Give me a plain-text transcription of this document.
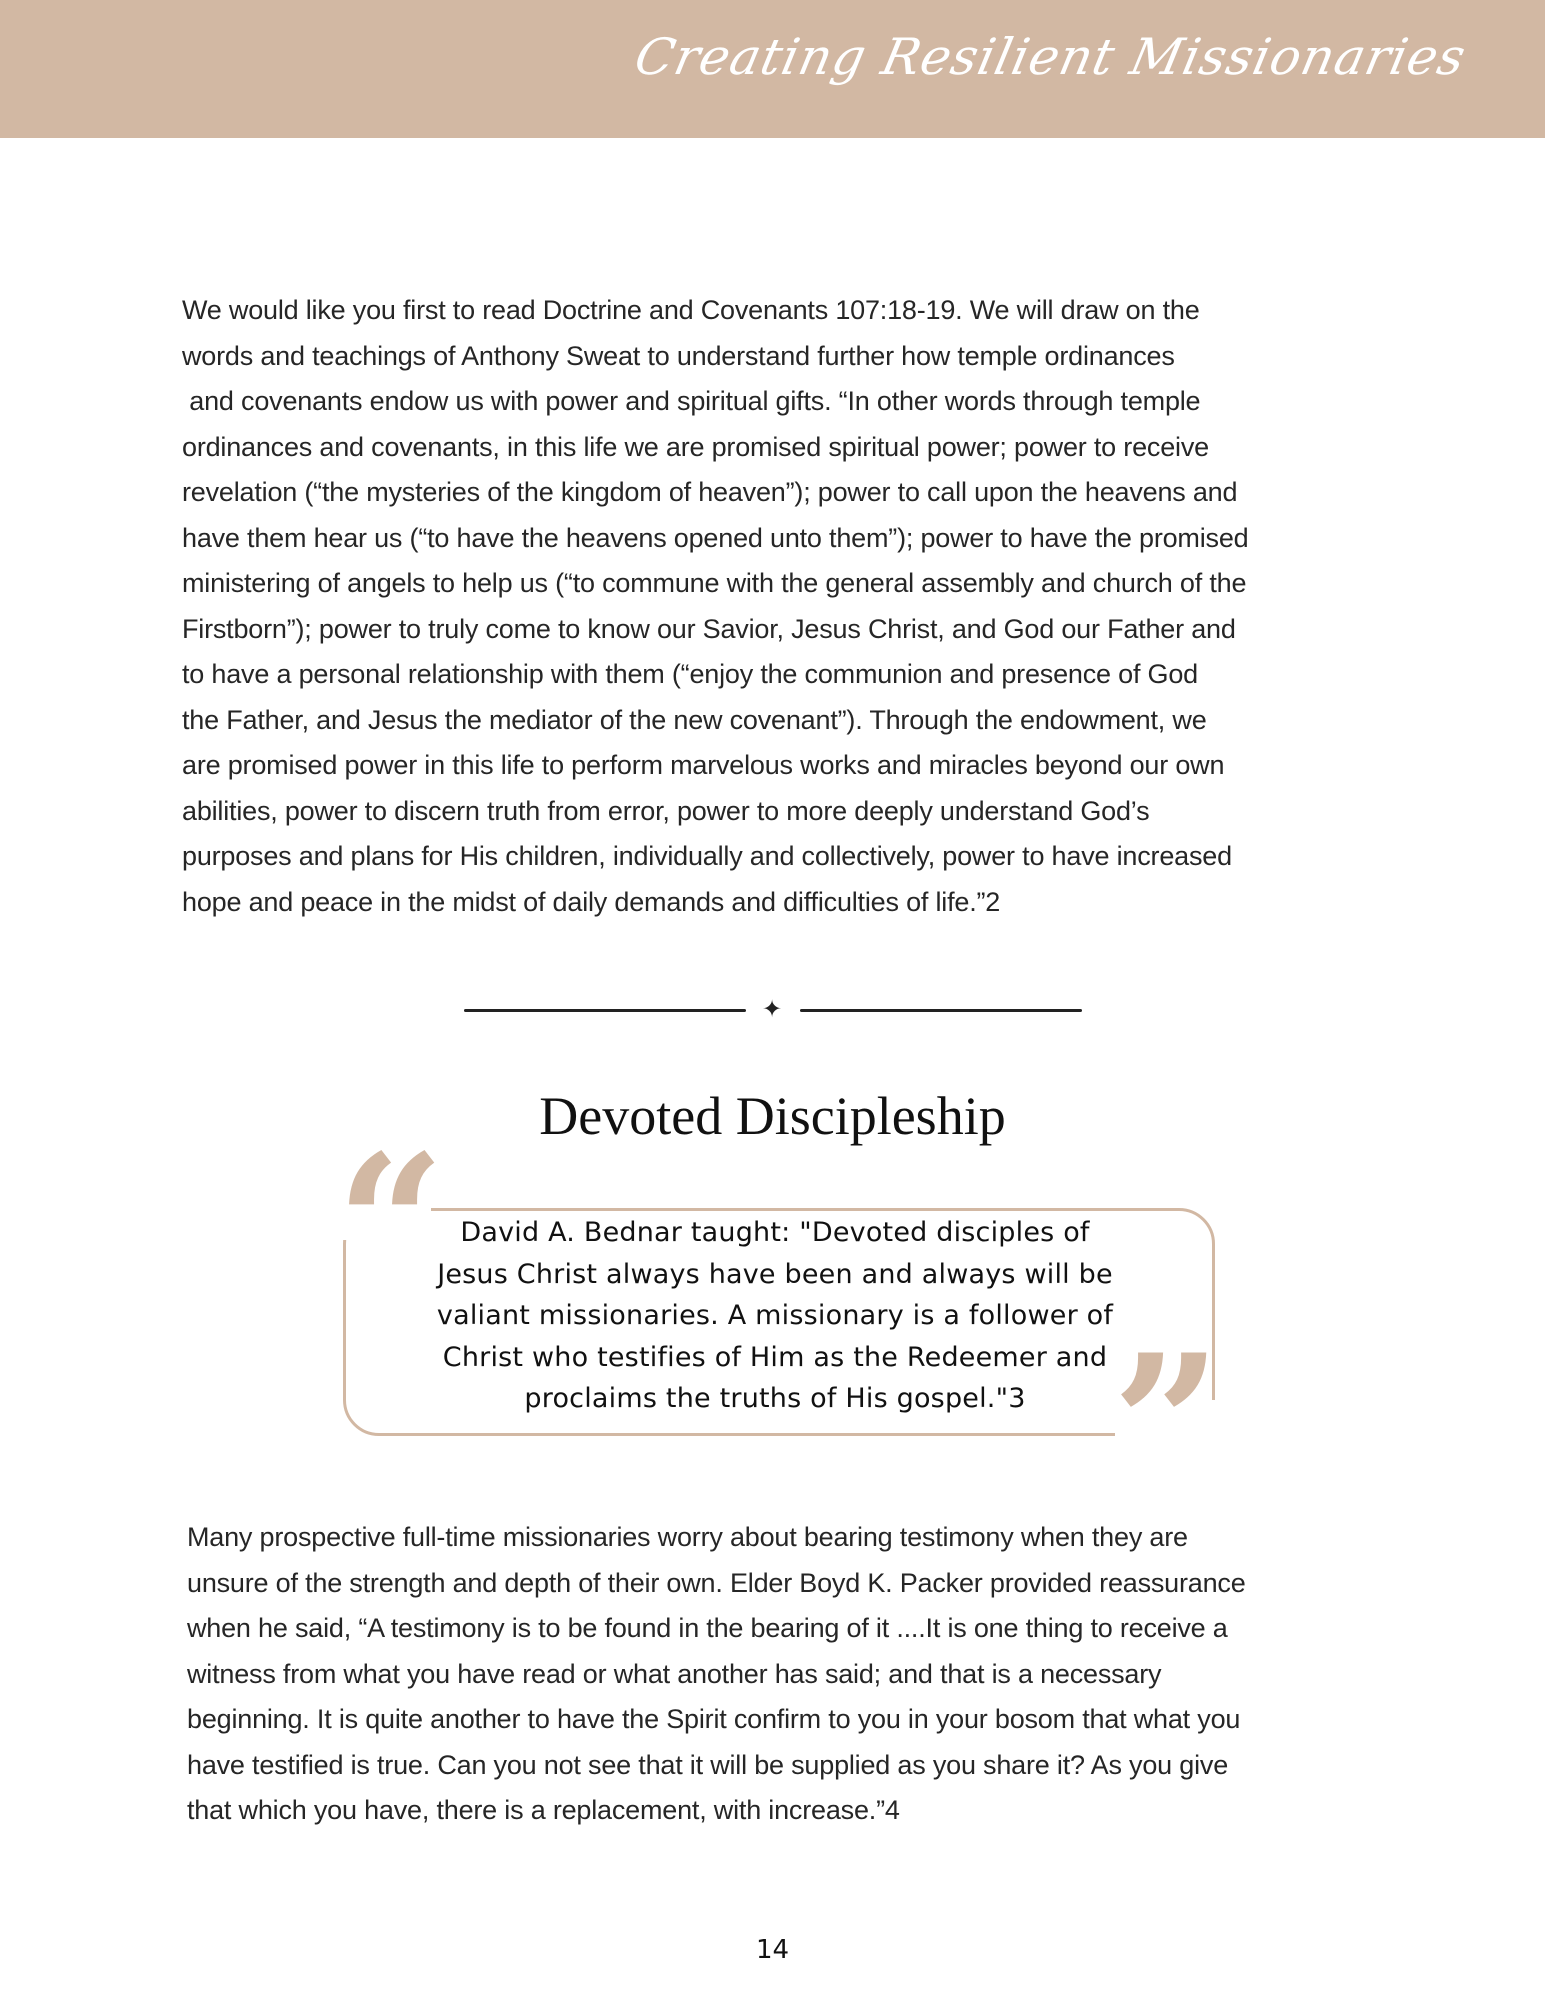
Creating Resilient Missionaries
We would like you first to read Doctrine and Covenants 107:18-19. We will draw on the
words and teachings of Anthony Sweat to understand further how temple ordinances
and covenants endow us with power and spiritual gifts. “In other words through temple
ordinances and covenants, in this life we are promised spiritual power; power to receive
revelation (“the mysteries of the kingdom of heaven”); power to call upon the heavens and
have them hear us (“to have the heavens opened unto them”); power to have the promised
ministering of angels to help us (“to commune with the general assembly and church of the
Firstborn”); power to truly come to know our Savior, Jesus Christ, and God our Father and
to have a personal relationship with them (“enjoy the communion and presence of God
the Father, and Jesus the mediator of the new covenant”). Through the endowment, we
are promised power in this life to perform marvelous works and miracles beyond our own
abilities, power to discern truth from error, power to more deeply understand God’s
purposes and plans for His children, individually and collectively, power to have increased
hope and peace in the midst of daily demands and difficulties of life.”2
✦
Devoted Discipleship
“
”
David A. Bednar taught: "Devoted disciples of
Jesus Christ always have been and always will be
valiant missionaries. A missionary is a follower of
Christ who testifies of Him as the Redeemer and
proclaims the truths of His gospel."3
Many prospective full-time missionaries worry about bearing testimony when they are
unsure of the strength and depth of their own. Elder Boyd K. Packer provided reassurance
when he said, “A testimony is to be found in the bearing of it ....It is one thing to receive a
witness from what you have read or what another has said; and that is a necessary
beginning. It is quite another to have the Spirit confirm to you in your bosom that what you
have testified is true. Can you not see that it will be supplied as you share it? As you give
that which you have, there is a replacement, with increase.”4
14
